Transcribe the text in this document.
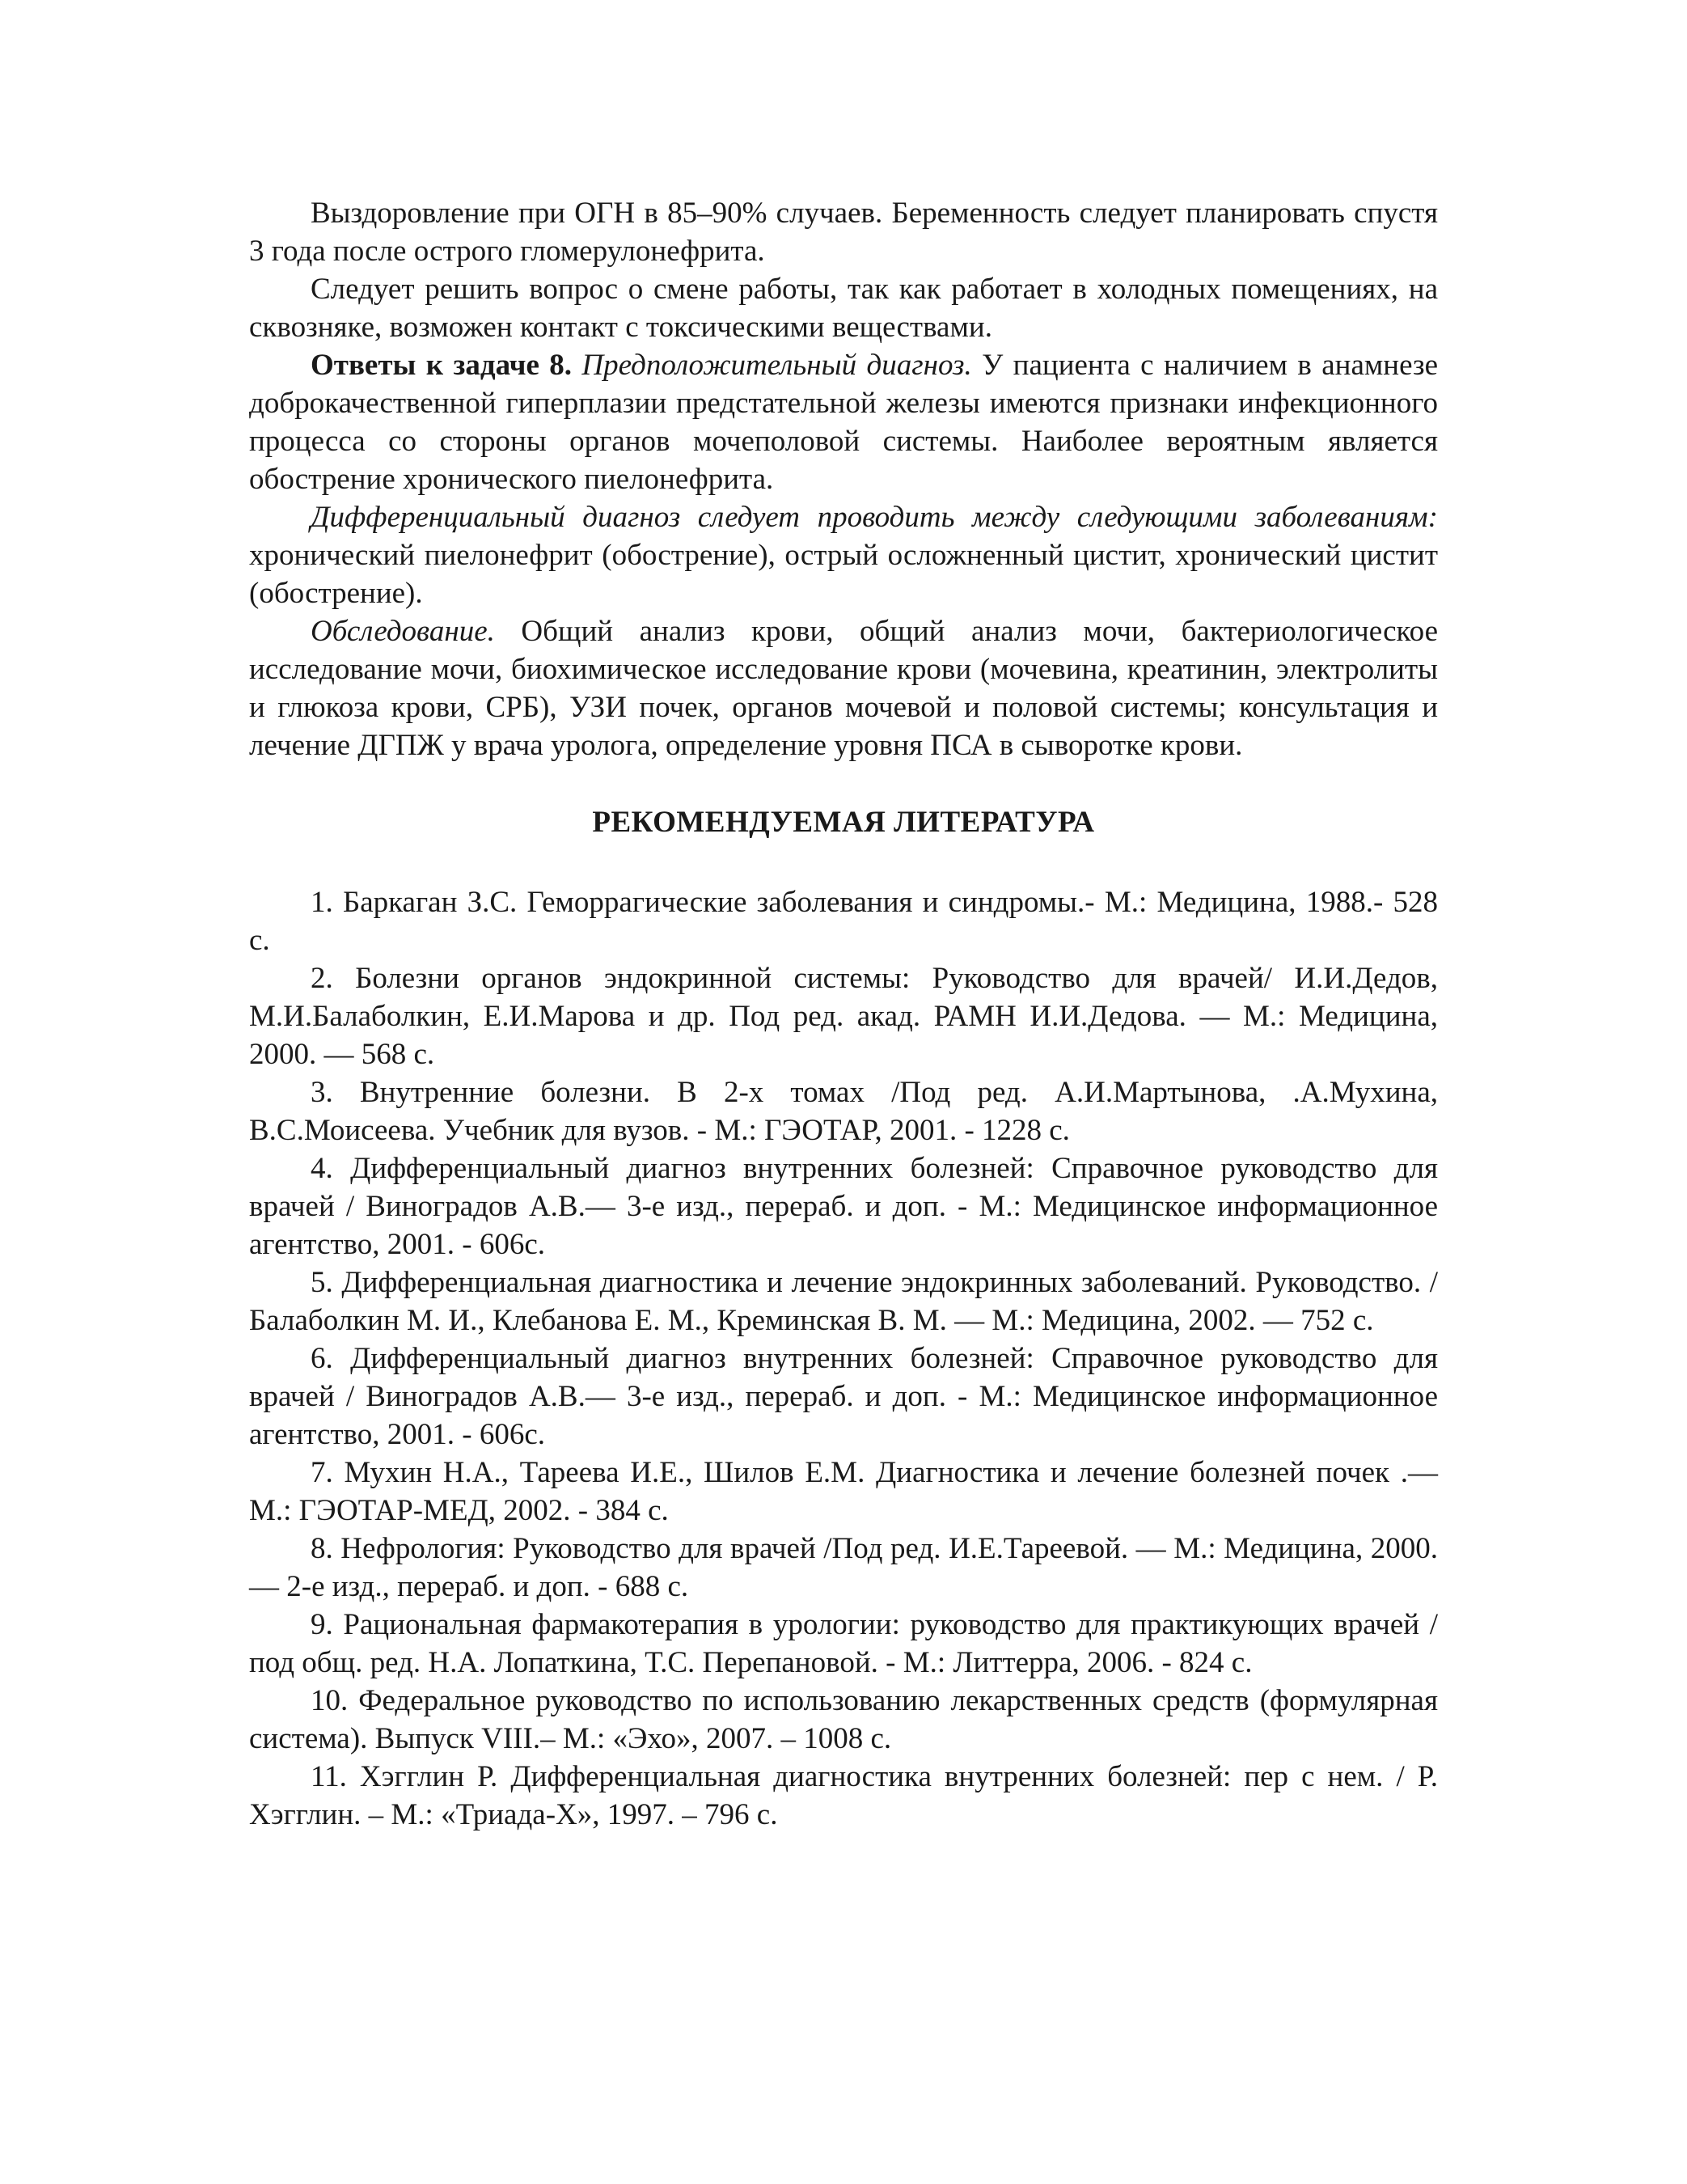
Выздоровление при ОГН в 85–90% случаев. Беременность следует планировать спустя 3 года после острого гломерулонефрита.

Следует решить вопрос о смене работы, так как работает в холодных помещениях, на сквозняке, возможен контакт с токсическими веществами.

Ответы к задаче 8. Предположительный диагноз. У пациента с наличием в анамнезе доброкачественной гиперплазии предстательной железы имеются признаки инфекционного процесса со стороны органов мочеполовой системы. Наиболее вероятным является обострение хронического пиелонефрита.

Дифференциальный диагноз следует проводить между следующими заболеваниям: хронический пиелонефрит (обострение), острый осложненный цистит, хронический цистит (обострение).

Обследование. Общий анализ крови, общий анализ мочи, бактериологическое исследование мочи, биохимическое исследование крови (мочевина, креатинин, электролиты и глюкоза крови, СРБ), УЗИ почек, органов мочевой и половой системы; консультация и лечение ДГПЖ у врача уролога, определение уровня ПСА в сыворотке крови.

РЕКОМЕНДУЕМАЯ ЛИТЕРАТУРА

1. Баркаган З.С. Геморрагические заболевания и синдромы.- М.: Медицина, 1988.- 528 с.

2. Болезни органов эндокринной системы: Руководство для врачей/ И.И.Дедов, М.И.Балаболкин, Е.И.Марова и др. Под ред. акад. РАМН И.И.Дедова. — М.: Медицина, 2000. — 568 с.

3. Внутренние болезни. В 2-х томах /Под ред. А.И.Мартынова, .А.Мухина, В.С.Моисеева. Учебник для вузов. - М.: ГЭОТАР, 2001. - 1228 с.

4. Дифференциальный диагноз внутренних болезней: Справочное руководство для врачей / Виноградов А.В.— 3-е изд., перераб. и доп. - М.: Медицинское информационное агентство, 2001. - 606с.

5. Дифференциальная диагностика и лечение эндокринных заболеваний. Руководство. / Балаболкин М. И., Клебанова Е. М., Креминская В. М. — М.: Медицина, 2002. — 752 с.

6. Дифференциальный диагноз внутренних болезней: Справочное руководство для врачей / Виноградов А.В.— 3-е изд., перераб. и доп. - М.: Медицинское информационное агентство, 2001. - 606с.

7. Мухин Н.А., Тареева И.Е., Шилов Е.М. Диагностика и лечение болезней почек .— М.: ГЭОТАР-МЕД, 2002. - 384 с.

8. Нефрология: Руководство для врачей /Под ред. И.Е.Тареевой. — М.: Медицина, 2000. — 2-е изд., перераб. и доп. - 688 с.

9. Рациональная фармакотерапия в урологии: руководство для практикующих врачей / под общ. ред. Н.А. Лопаткина, Т.С. Перепановой. - М.: Литтерра, 2006. - 824 с.

10. Федеральное руководство по использованию лекарственных средств (формулярная система). Выпуск VIII.– М.: «Эхо», 2007. – 1008 с.

11. Хэгглин Р. Дифференциальная диагностика внутренних болезней: пер с нем. / Р. Хэгглин. – М.: «Триада-Х», 1997. – 796 с.
